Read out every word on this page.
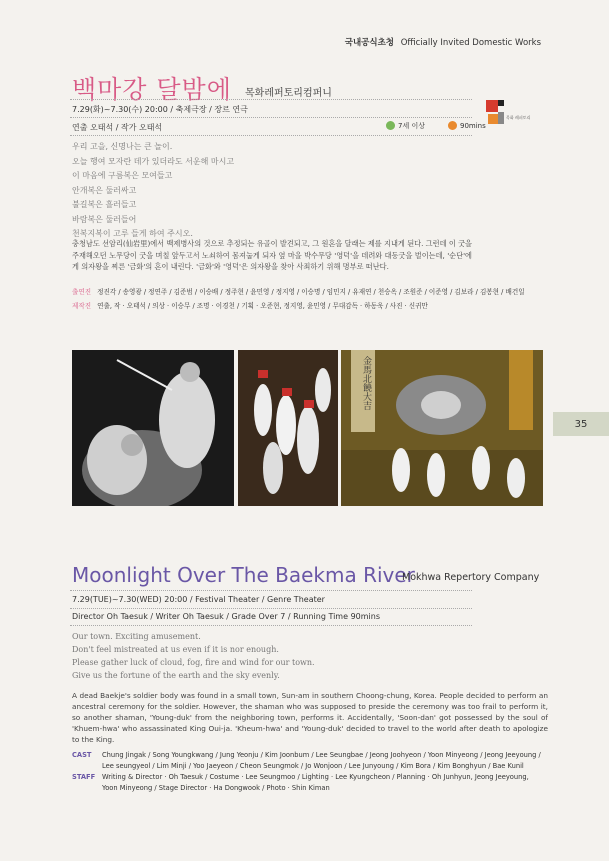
국내공식초청 Officially Invited Domestic Works
백마강 달밤에 목화레퍼토리컴퍼니
7.29(화)~7.30(수) 20:00 / 축제극장 / 장르 연극
연출 오태석 / 작가 오태석	7세 이상	90mins
목화 레퍼토리
우리 고을, 신명나는 큰 놀이.
오늘 행여 모자란 데가 있더라도 서운해 마시고
이 마음에 구름복은 모여들고
안개복은 둘러싸고
불길복은 흘러들고
바람복은 둘러들어
천복지복이 고루 들게 하여 주시오.
충청남도 선암리(仙岩里)에서 백제병사의 것으로 추정되는 유골이 발견되고, 그 원혼을 달래는 제를 지내게 된다. 그런데 이 굿을 주재해오던 노무당이 굿을 며칠 앞두고서 노쇠하여 몸져눕게 되자 옆 마을 박수무당 '영덕'을 데려와 대동굿을 벌이는데, '순단'에게 의자왕을 찌른 '금화'의 혼이 내린다. '금화'와 '영덕'은 의자왕을 찾아 사죄하기 위해 명부로 떠난다.
출연진 정진각 / 송영광 / 정연주 / 김준범 / 이승배 / 정주현 / 윤민영 / 정지영 / 이승명 / 임민지 / 유재연 / 천승옥 / 조원준 / 이준영 / 김보라 / 김봉현 / 배건일
제작진 연출, 작 · 오태석 / 의상 · 이승무 / 조명 · 이경천 / 기획 · 오준현, 정지영, 윤민영 / 무대감독 · 하동욱 / 사진 · 신귀만
金馬北饒大吉
35
Moonlight Over The Baekma River
Mokhwa Repertory Company
7.29(TUE)~7.30(WED) 20:00 / Festival Theater / Genre Theater
Director Oh Taesuk / Writer Oh Taesuk / Grade Over 7 / Running Time 90mins
Our town. Exciting amusement.
Don't feel mistreated at us even if it is nor enough.
Please gather luck of cloud, fog, fire and wind for our town.
Give us the fortune of the earth and the sky evenly.
A dead Baekje's soldier body was found in a small town, Sun-am in southern Choong-chung, Korea. People decided to perform an ancestral ceremony for the soldier. However, the shaman who was supposed to preside the ceremony was too frail to perform it, so another shaman, 'Young-duk' from the neighboring town, performs it. Accidentally, 'Soon-dan' got possessed by the soul of 'Khuem-hwa' who assassinated King Oui-ja. 'Kheum-hwa' and 'Young-duk' decided to travel to the world after death to apologize to the King.
CAST Chung Jingak / Song Youngkwang / Jung Yeonju / Kim Joonbum / Lee Seungbae / Jeong Joohyeon / Yoon Minyeong / Jeong Jeeyoung / Lee seungyeol / Lim Minji / Yoo Jaeyeon / Cheon Seungmok / Jo Wonjoon / Lee Junyoung / Kim Bora / Kim Bonghyun / Bae Kunil
STAFF Writing & Director · Oh Taesuk / Costume · Lee Seungmoo / Lighting · Lee Kyungcheon / Planning · Oh Junhyun, Jeong Jeeyoung, Yoon Minyeong / Stage Director · Ha Dongwook / Photo · Shin Kiman
